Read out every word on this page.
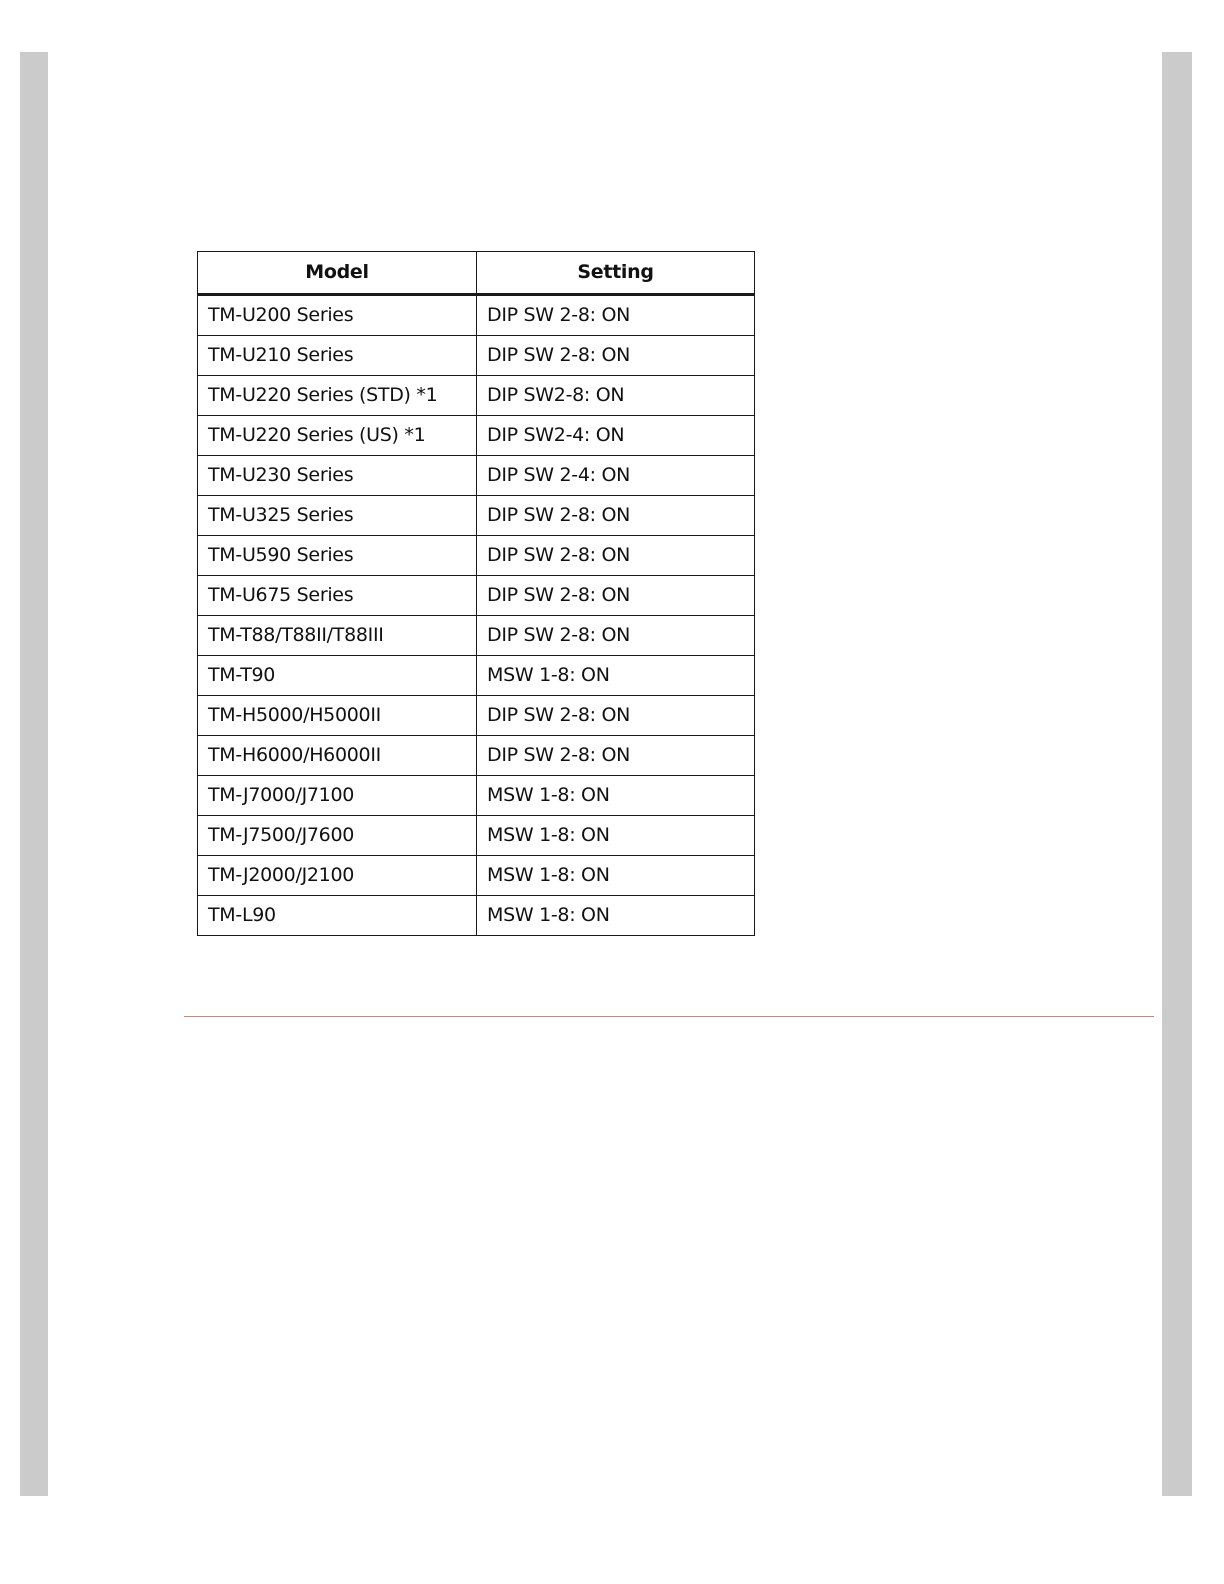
Model	Setting
TM-U200 Series	DIP SW 2-8: ON
TM-U210 Series	DIP SW 2-8: ON
TM-U220 Series (STD) *1	DIP SW2-8: ON
TM-U220 Series (US) *1	DIP SW2-4: ON
TM-U230 Series	DIP SW 2-4: ON
TM-U325 Series	DIP SW 2-8: ON
TM-U590 Series	DIP SW 2-8: ON
TM-U675 Series	DIP SW 2-8: ON
TM-T88/T88II/T88III	DIP SW 2-8: ON
TM-T90	MSW 1-8: ON
TM-H5000/H5000II	DIP SW 2-8: ON
TM-H6000/H6000II	DIP SW 2-8: ON
TM-J7000/J7100	MSW 1-8: ON
TM-J7500/J7600	MSW 1-8: ON
TM-J2000/J2100	MSW 1-8: ON
TM-L90	MSW 1-8: ON
